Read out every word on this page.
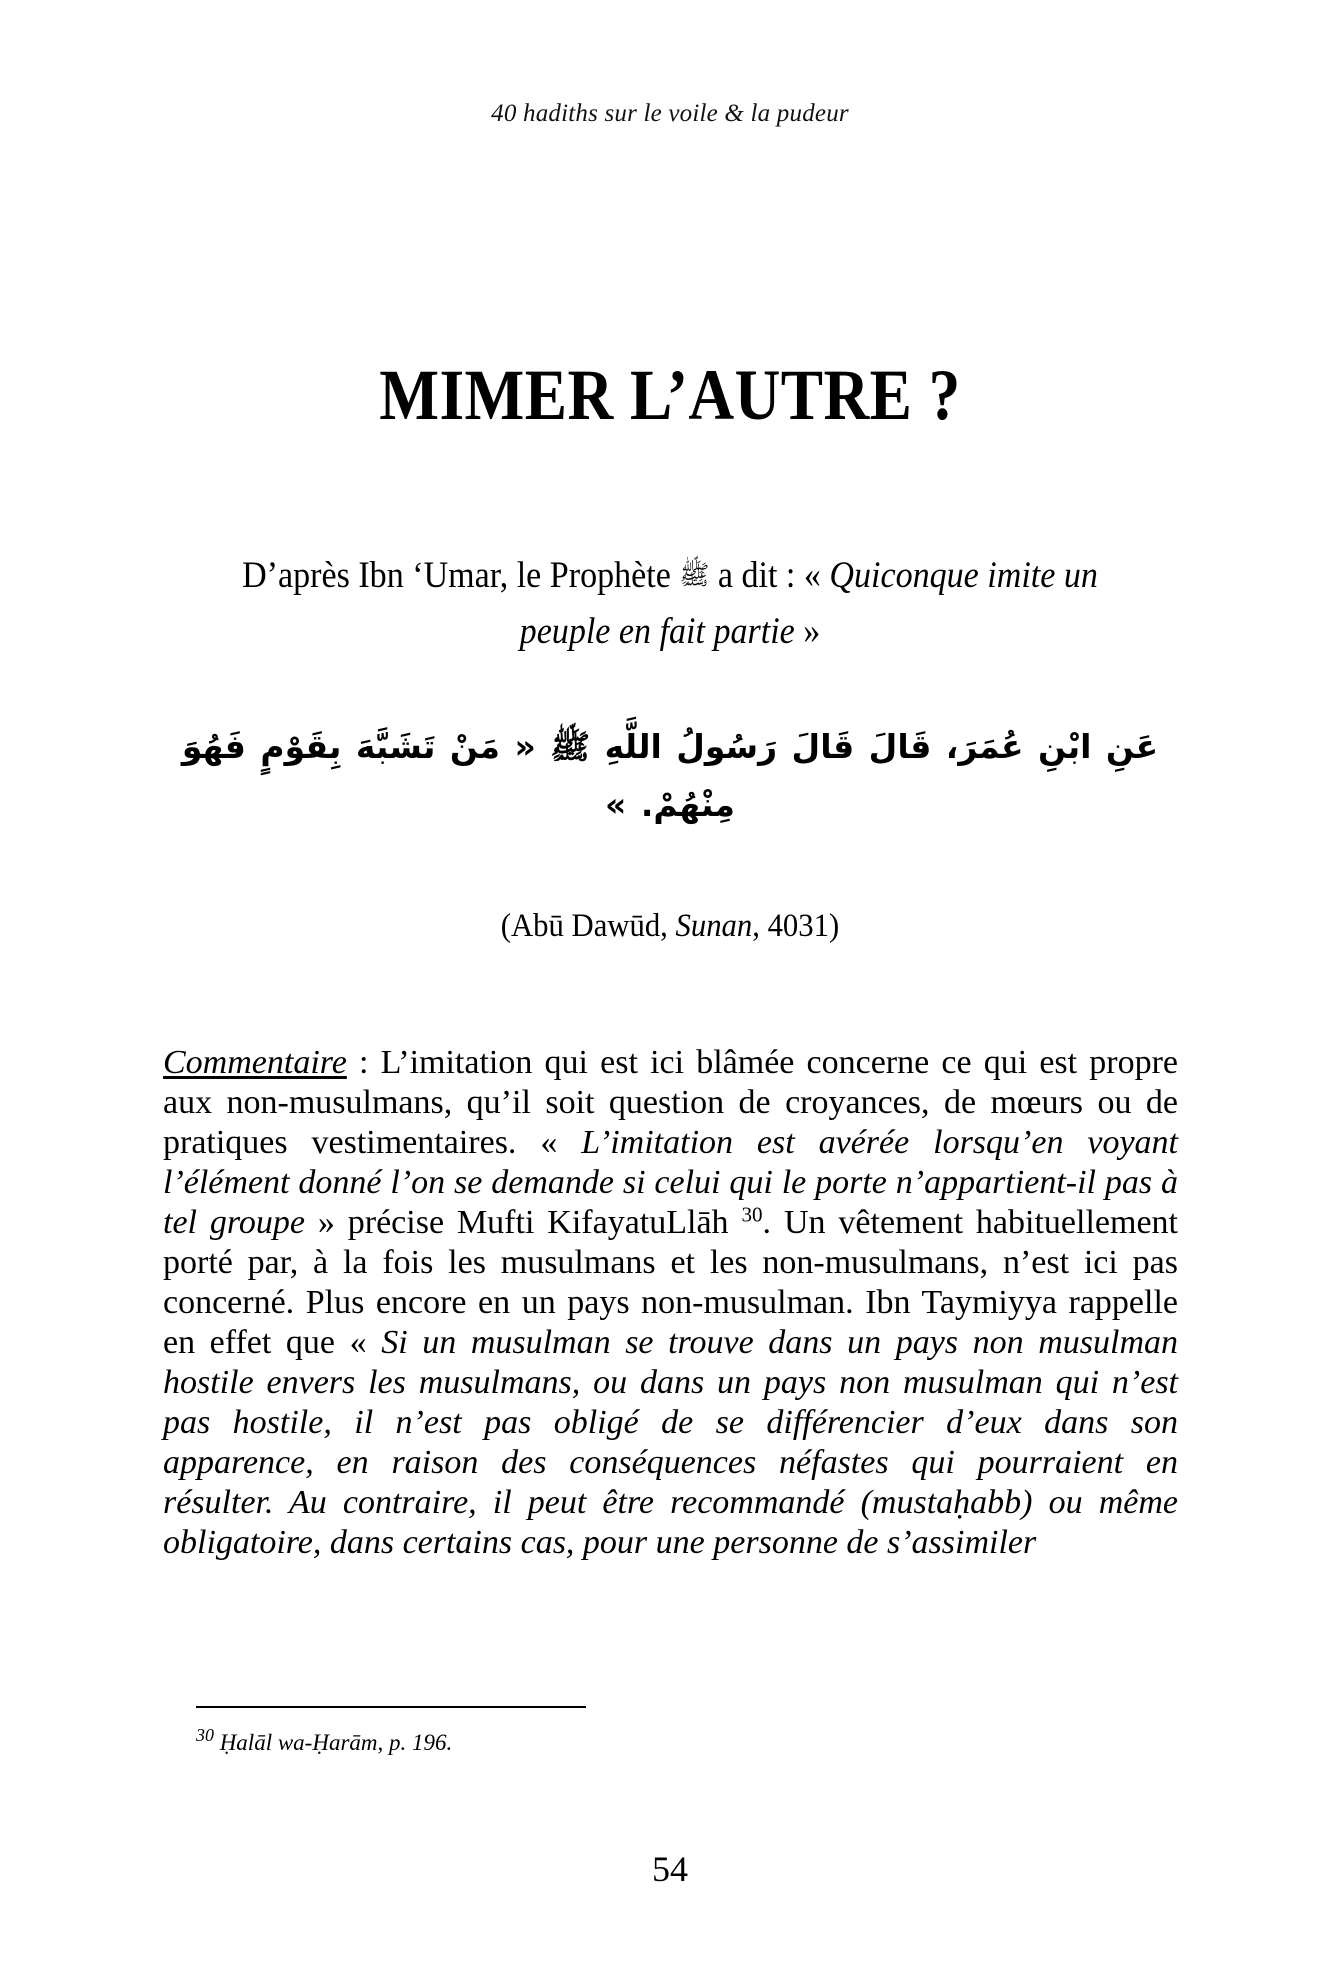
40 hadiths sur le voile & la pudeur
MIMER L’AUTRE ?
D’après Ibn ‘Umar, le Prophète ﷺ a dit : « Quiconque imite un peuple en fait partie »
عَنِ ابْنِ عُمَرَ، قَالَ قَالَ رَسُولُ اللَّهِ ﷺ « مَنْ تَشَبَّهَ بِقَوْمٍ فَهُوَ مِنْهُمْ. »
(Abū Dawūd, Sunan, 4031)
Commentaire : L’imitation qui est ici blâmée concerne ce qui est propre aux non-musulmans, qu’il soit question de croyances, de mœurs ou de pratiques vestimentaires. « L’imitation est avérée lorsqu’en voyant l’élément donné l’on se demande si celui qui le porte n’appartient-il pas à tel groupe » précise Mufti KifayatuLlāh $^{30}$. Un vêtement habituellement porté par, à la fois les musulmans et les non-musulmans, n’est ici pas concerné. Plus encore en un pays non-musulman. Ibn Taymiyya rappelle en effet que « Si un musulman se trouve dans un pays non musulman hostile envers les musulmans, ou dans un pays non musulman qui n’est pas hostile, il n’est pas obligé de se différencier d’eux dans son apparence, en raison des conséquences néfastes qui pourraient en résulter. Au contraire, il peut être recommandé (mustaḥabb) ou même obligatoire, dans certains cas, pour une personne de s’assimiler
$^{30}$ Ḥalāl wa-Ḥarām, p. 196.
54
